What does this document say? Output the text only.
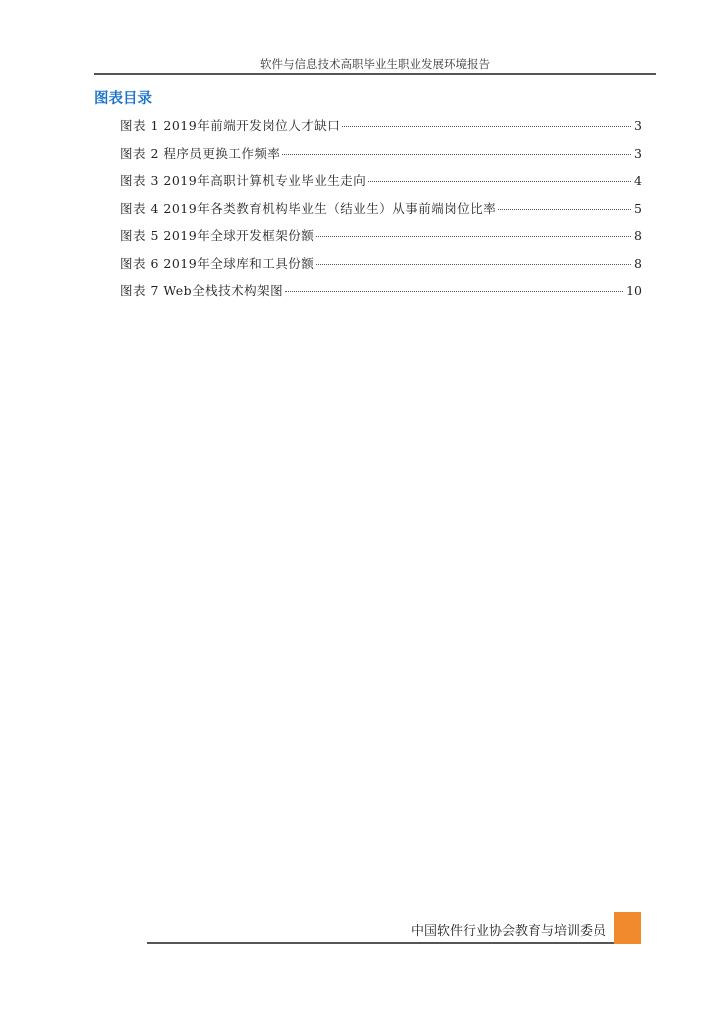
软件与信息技术高职毕业生职业发展环境报告
图表目录
图表 1 2019年前端开发岗位人才缺口	3
图表 2 程序员更换工作频率	3
图表 3 2019年高职计算机专业毕业生走向	4
图表 4 2019年各类教育机构毕业生（结业生）从事前端岗位比率	5
图表 5 2019年全球开发框架份额	8
图表 6 2019年全球库和工具份额	8
图表 7 Web全栈技术构架图	10
中国软件行业协会教育与培训委员
